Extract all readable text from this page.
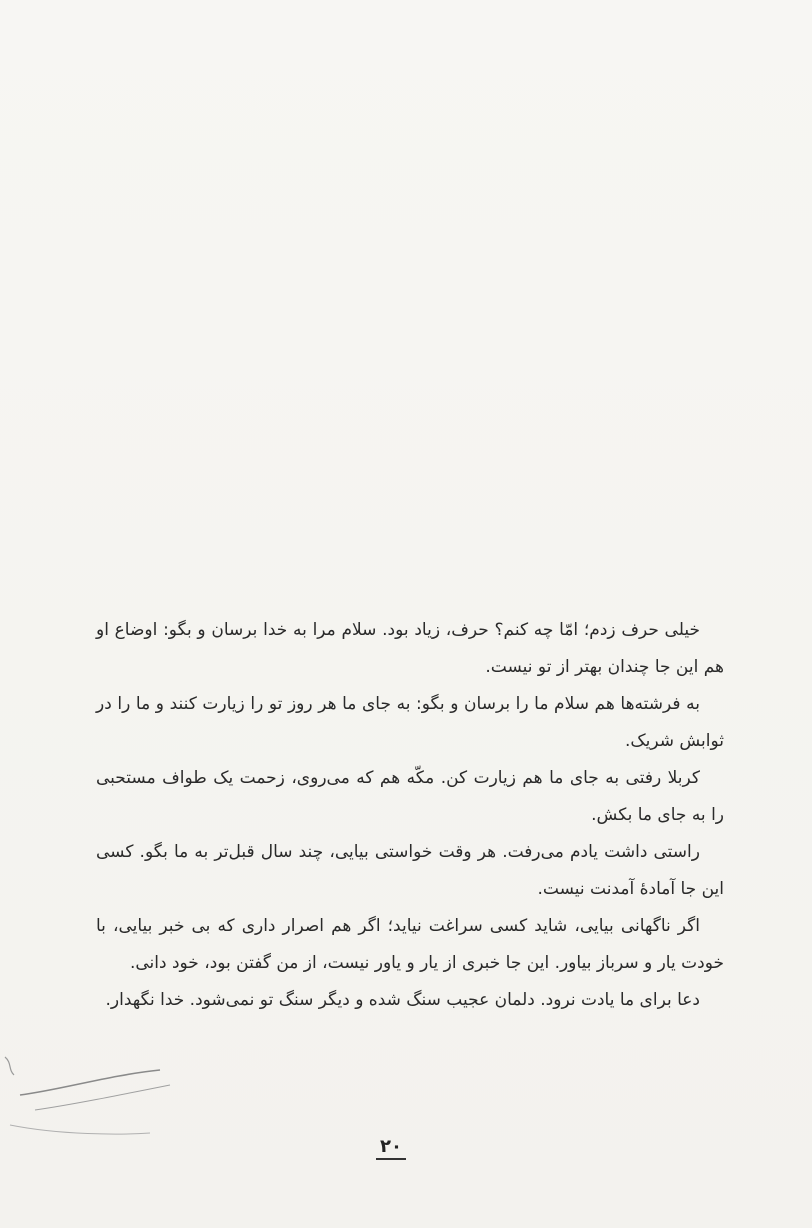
خیلی حرف زدم؛ امّا چه کنم؟ حرف، زیاد بود. سلام مرا به خدا برسان و بگو: اوضاع او هم این جا چندان بهتر از تو نیست.

به فرشته‌ها هم سلام ما را برسان و بگو: به جای ما هر روز تو را زیارت کنند و ما را در ثوابش شریک.

کربلا رفتی به جای ما هم زیارت کن. مکّه هم که می‌روی، زحمت یک طواف مستحبی را به جای ما بکش.

راستی داشت یادم می‌رفت. هر وقت خواستی بیایی، چند سال قبل‌تر به ما بگو. کسی این جا آمادهٔ آمدنت نیست.

اگر ناگهانی بیایی، شاید کسی سراغت نیاید؛ اگر هم اصرار داری که بی خبر بیایی، با خودت یار و سرباز بیاور. این جا خبری از یار و یاور نیست، از من گفتن بود، خود دانی.

دعا برای ما یادت نرود. دلمان عجیب سنگ شده و دیگر سنگ تو نمی‌شود. خدا نگهدار.

۲۰
